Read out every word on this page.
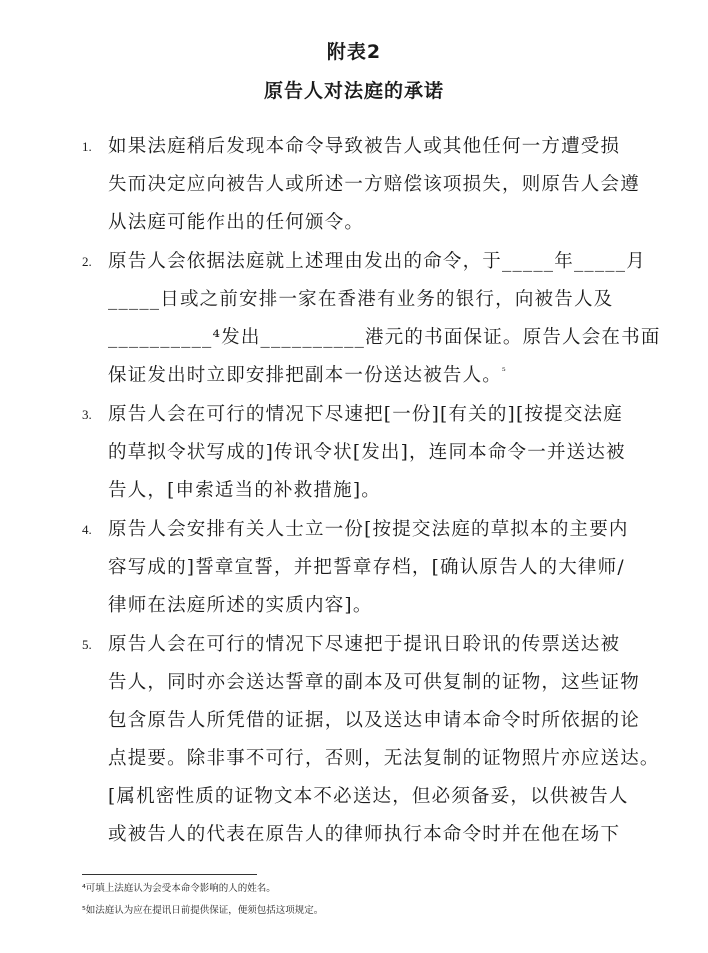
附表2
原告人对法庭的承诺
1. 如果法庭稍后发现本命令导致被告人或其他任何一方遭受损
失而决定应向被告人或所述一方赔偿该项损失，则原告人会遵
从法庭可能作出的任何颁令。
2. 原告人会依据法庭就上述理由发出的命令，于_____年_____月
_____日或之前安排一家在香港有业务的银行，向被告人及
__________⁴发出__________港元的书面保证。原告人会在书面
保证发出时立即安排把副本一份送达被告人。$^{^5}$
3. 原告人会在可行的情况下尽速把[一份][有关的][按提交法庭
的草拟令状写成的]传讯令状[发出]，连同本命令一并送达被
告人，[申索适当的补救措施]。
4. 原告人会安排有关人士立一份[按提交法庭的草拟本的主要内
容写成的]誓章宣誓，并把誓章存档，[确认原告人的大律师/
律师在法庭所述的实质内容]。
5. 原告人会在可行的情况下尽速把于提讯日聆讯的传票送达被
告人，同时亦会送达誓章的副本及可供复制的证物，这些证物
包含原告人所凭借的证据，以及送达申请本命令时所依据的论
点提要。除非事不可行，否则，无法复制的证物照片亦应送达。
[属机密性质的证物文本不必送达，但必须备妥，以供被告人
或被告人的代表在原告人的律师执行本命令时并在他在场下
⁴可填上法庭认为会受本命令影响的人的姓名。
⁵如法庭认为应在提讯日前提供保证，便须包括这项规定。
